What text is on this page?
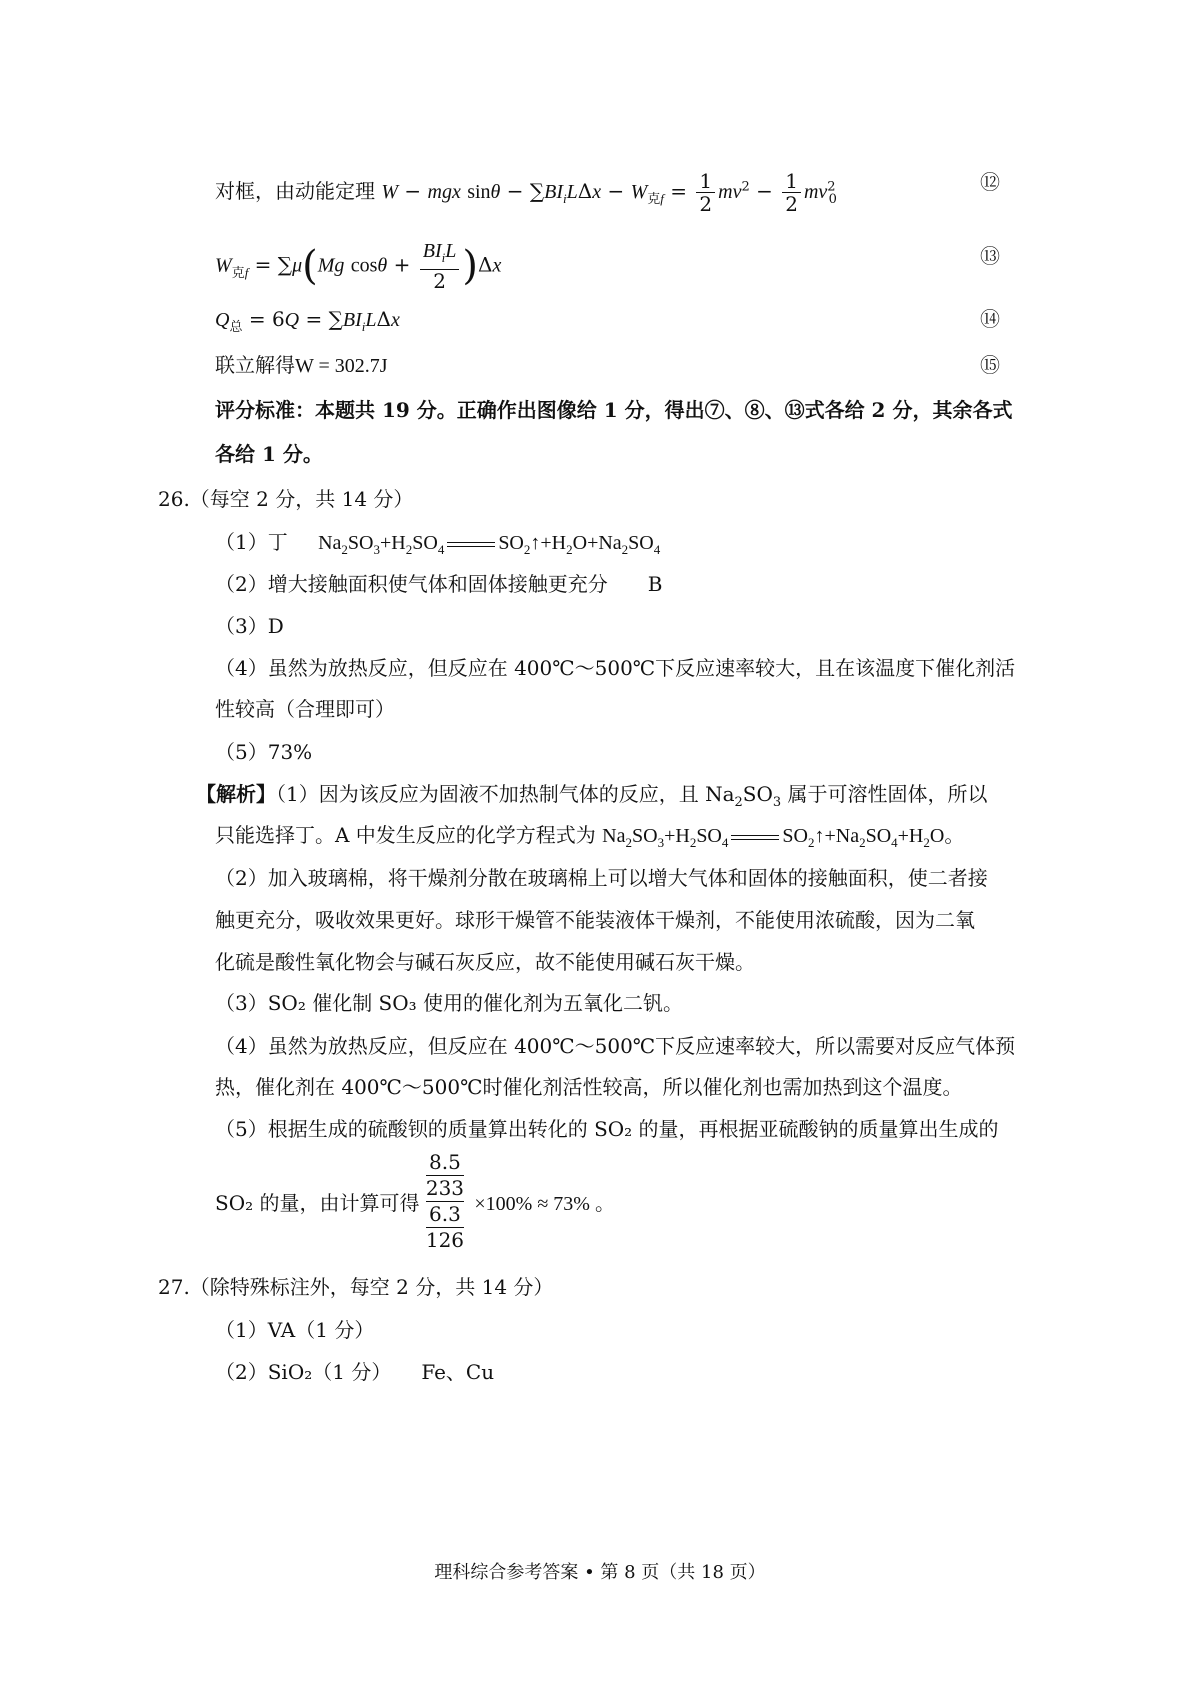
对框，由动能定理 W − mgx $\sin\theta - \sum BI_iL\Delta x - W_{克f} = \frac{1}{2} mv^2 - \frac{1}{2} mv^2_0$
⑫
$W_{克f} = \sum\mu(Mg$ $\cos\theta + \frac{BI_iL}{2} )\Delta x$	⑬
$Q_总 = 6Q = \sum BI_iL\Delta x$	⑭
联立解得W = 302.7J	⑮
评分标准：本题共 19 分。正确作出图像给 1 分，得出⑦、⑧、⑬式各给 2 分，其余各式
各给 1 分。
26.（每空 2 分，共 14 分）
（1）丁 $Na_2SO_3+H_2SO_4$	$SO_2↑+H_2O+Na_2SO_4$
（2）增大接触面积使气体和固体接触更充分　　B
（3）D
（4）虽然为放热反应，但反应在 400℃～500℃下反应速率较大，且在该温度下催化剂活
性较高（合理即可）
（5）73%
【解析】（1）因为该反应为固液不加热制气体的反应，且 $Na_2SO_3$ 属于可溶性固体，所以
只能选择丁。A 中发生反应的化学方程式为 $Na_2SO_3+H_2SO_4$	$SO_2↑+Na_2SO_4+H_2O$。
（2）加入玻璃棉，将干燥剂分散在玻璃棉上可以增大气体和固体的接触面积，使二者接
触更充分，吸收效果更好。球形干燥管不能装液体干燥剂，不能使用浓硫酸，因为二氧
化硫是酸性氧化物会与碱石灰反应，故不能使用碱石灰干燥。
（3）SO₂ 催化制 SO₃ 使用的催化剂为五氧化二钒。
（4）虽然为放热反应，但反应在 400℃～500℃下反应速率较大，所以需要对反应气体预
热，催化剂在 400℃～500℃时催化剂活性较高，所以催化剂也需加热到这个温度。
（5）根据生成的硫酸钡的质量算出转化的 SO₂ 的量，再根据亚硫酸钠的质量算出生成的
SO₂ 的量，由计算可得
8.5
233
6.3
126
×100% ≈ 73% 。
27.（除特殊标注外，每空 2 分，共 14 分）
（1）VA（1 分）
（2）SiO₂（1 分）　　Fe、Cu
理科综合参考答案 • 第 8 页（共 18 页）
